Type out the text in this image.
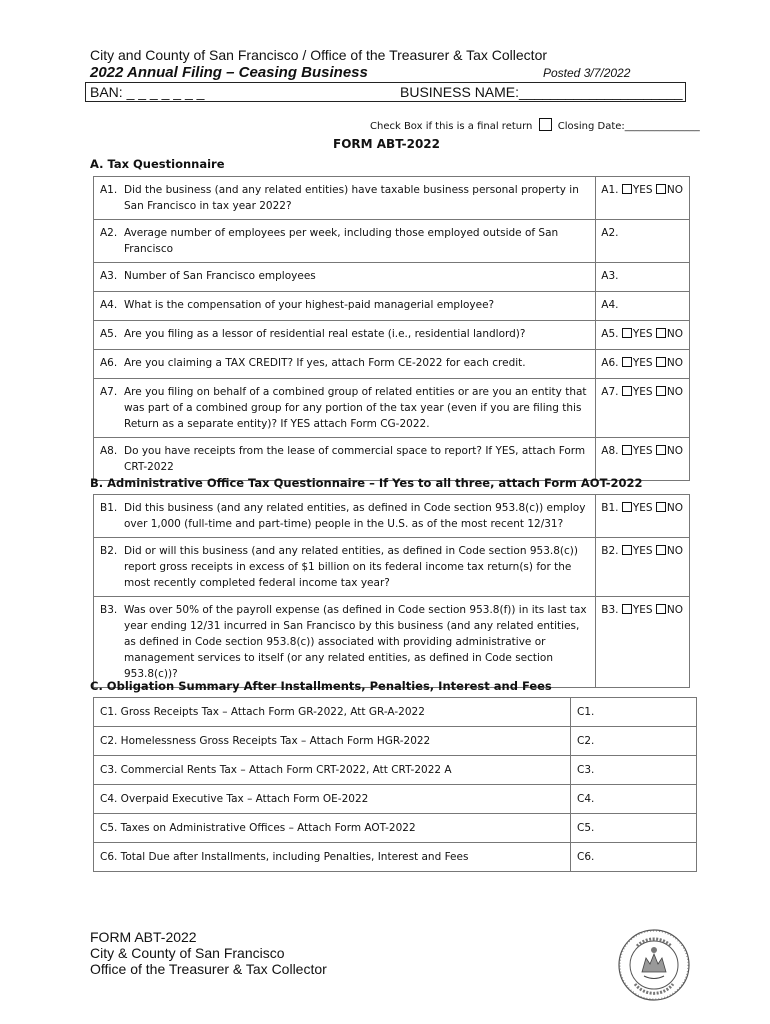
City and County of San Francisco / Office of the Treasurer & Tax Collector
2022 Annual Filing – Ceasing Business	Posted 3/7/2022
BAN: _ _ _ _ _ _ _	BUSINESS NAME:_____________________
Check Box if this is a final return	Closing Date:_______________
FORM ABT-2022
A. Tax Questionnaire
A1.	Did the business (and any related entities) have taxable business personal property in San Francisco in tax year 2022?	A1. YES NO
A2.	Average number of employees per week, including those employed outside of San Francisco	A2.
A3.	Number of San Francisco employees	A3.
A4.	What is the compensation of your highest-paid managerial employee?	A4.
A5.	Are you filing as a lessor of residential real estate (i.e., residential landlord)?	A5. YES NO
A6.	Are you claiming a TAX CREDIT? If yes, attach Form CE-2022 for each credit.	A6. YES NO
A7.	Are you filing on behalf of a combined group of related entities or are you an entity that was part of a combined group for any portion of the tax year (even if you are filing this Return as a separate entity)? If YES attach Form CG-2022.	A7. YES NO
A8.	Do you have receipts from the lease of commercial space to report? If YES, attach Form CRT-2022	A8. YES NO
B. Administrative Office Tax Questionnaire – If Yes to all three, attach Form AOT-2022
B1.	Did this business (and any related entities, as defined in Code section 953.8(c)) employ over 1,000 (full-time and part-time) people in the U.S. as of the most recent 12/31?	B1. YES NO
B2.	Did or will this business (and any related entities, as defined in Code section 953.8(c)) report gross receipts in excess of $1 billion on its federal income tax return(s) for the most recently completed federal income tax year?	B2. YES NO
B3.	Was over 50% of the payroll expense (as defined in Code section 953.8(f)) in its last tax year ending 12/31 incurred in San Francisco by this business (and any related entities, as defined in Code section 953.8(c)) associated with providing administrative or management services to itself (or any related entities, as defined in Code section 953.8(c))?	B3. YES NO
C. Obligation Summary After Installments, Penalties, Interest and Fees
C1. Gross Receipts Tax – Attach Form GR-2022, Att GR-A-2022	C1.
C2. Homelessness Gross Receipts Tax – Attach Form HGR-2022	C2.
C3. Commercial Rents Tax – Attach Form CRT-2022, Att CRT-2022 A	C3.
C4. Overpaid Executive Tax – Attach Form OE-2022	C4.
C5. Taxes on Administrative Offices – Attach Form AOT-2022	C5.
C6. Total Due after Installments, including Penalties, Interest and Fees	C6.
FORM ABT-2022
City & County of San Francisco
Office of the Treasurer & Tax Collector
